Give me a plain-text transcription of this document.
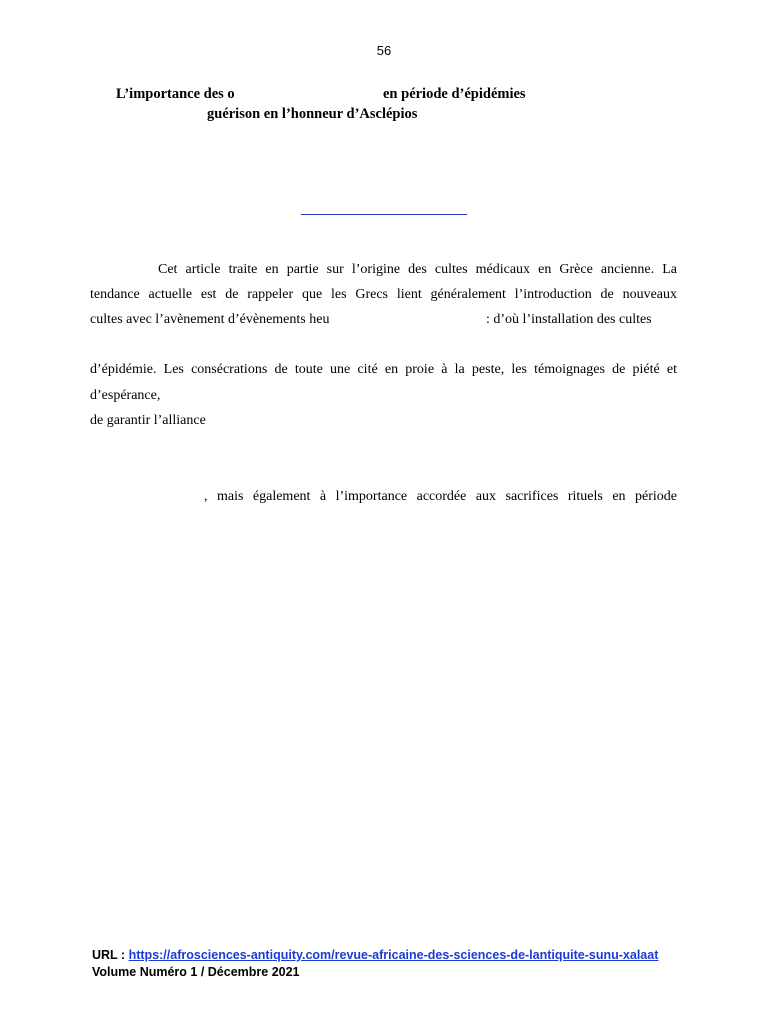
56
L’importance des o	en période d’épidémies
guérison en l’honneur d’Asclépios
Cet article traite en partie sur l’origine des cultes médicaux en Grèce ancienne. La
tendance actuelle est de rappeler que les Grecs lient généralement l’introduction de nouveaux
cultes avec l’avènement d’évènements heu	: d’où l’installation des cultes
d’épidémie. Les consécrations de toute une cité en proie à la peste, les témoignages de piété et
d’espérance,
de garantir l’alliance
, mais également à l’importance accordée aux sacrifices rituels en période
URL : https://afrosciences-antiquity.com/revue-africaine-des-sciences-de-lantiquite-sunu-xalaat
Volume Numéro 1 / Décembre 2021
